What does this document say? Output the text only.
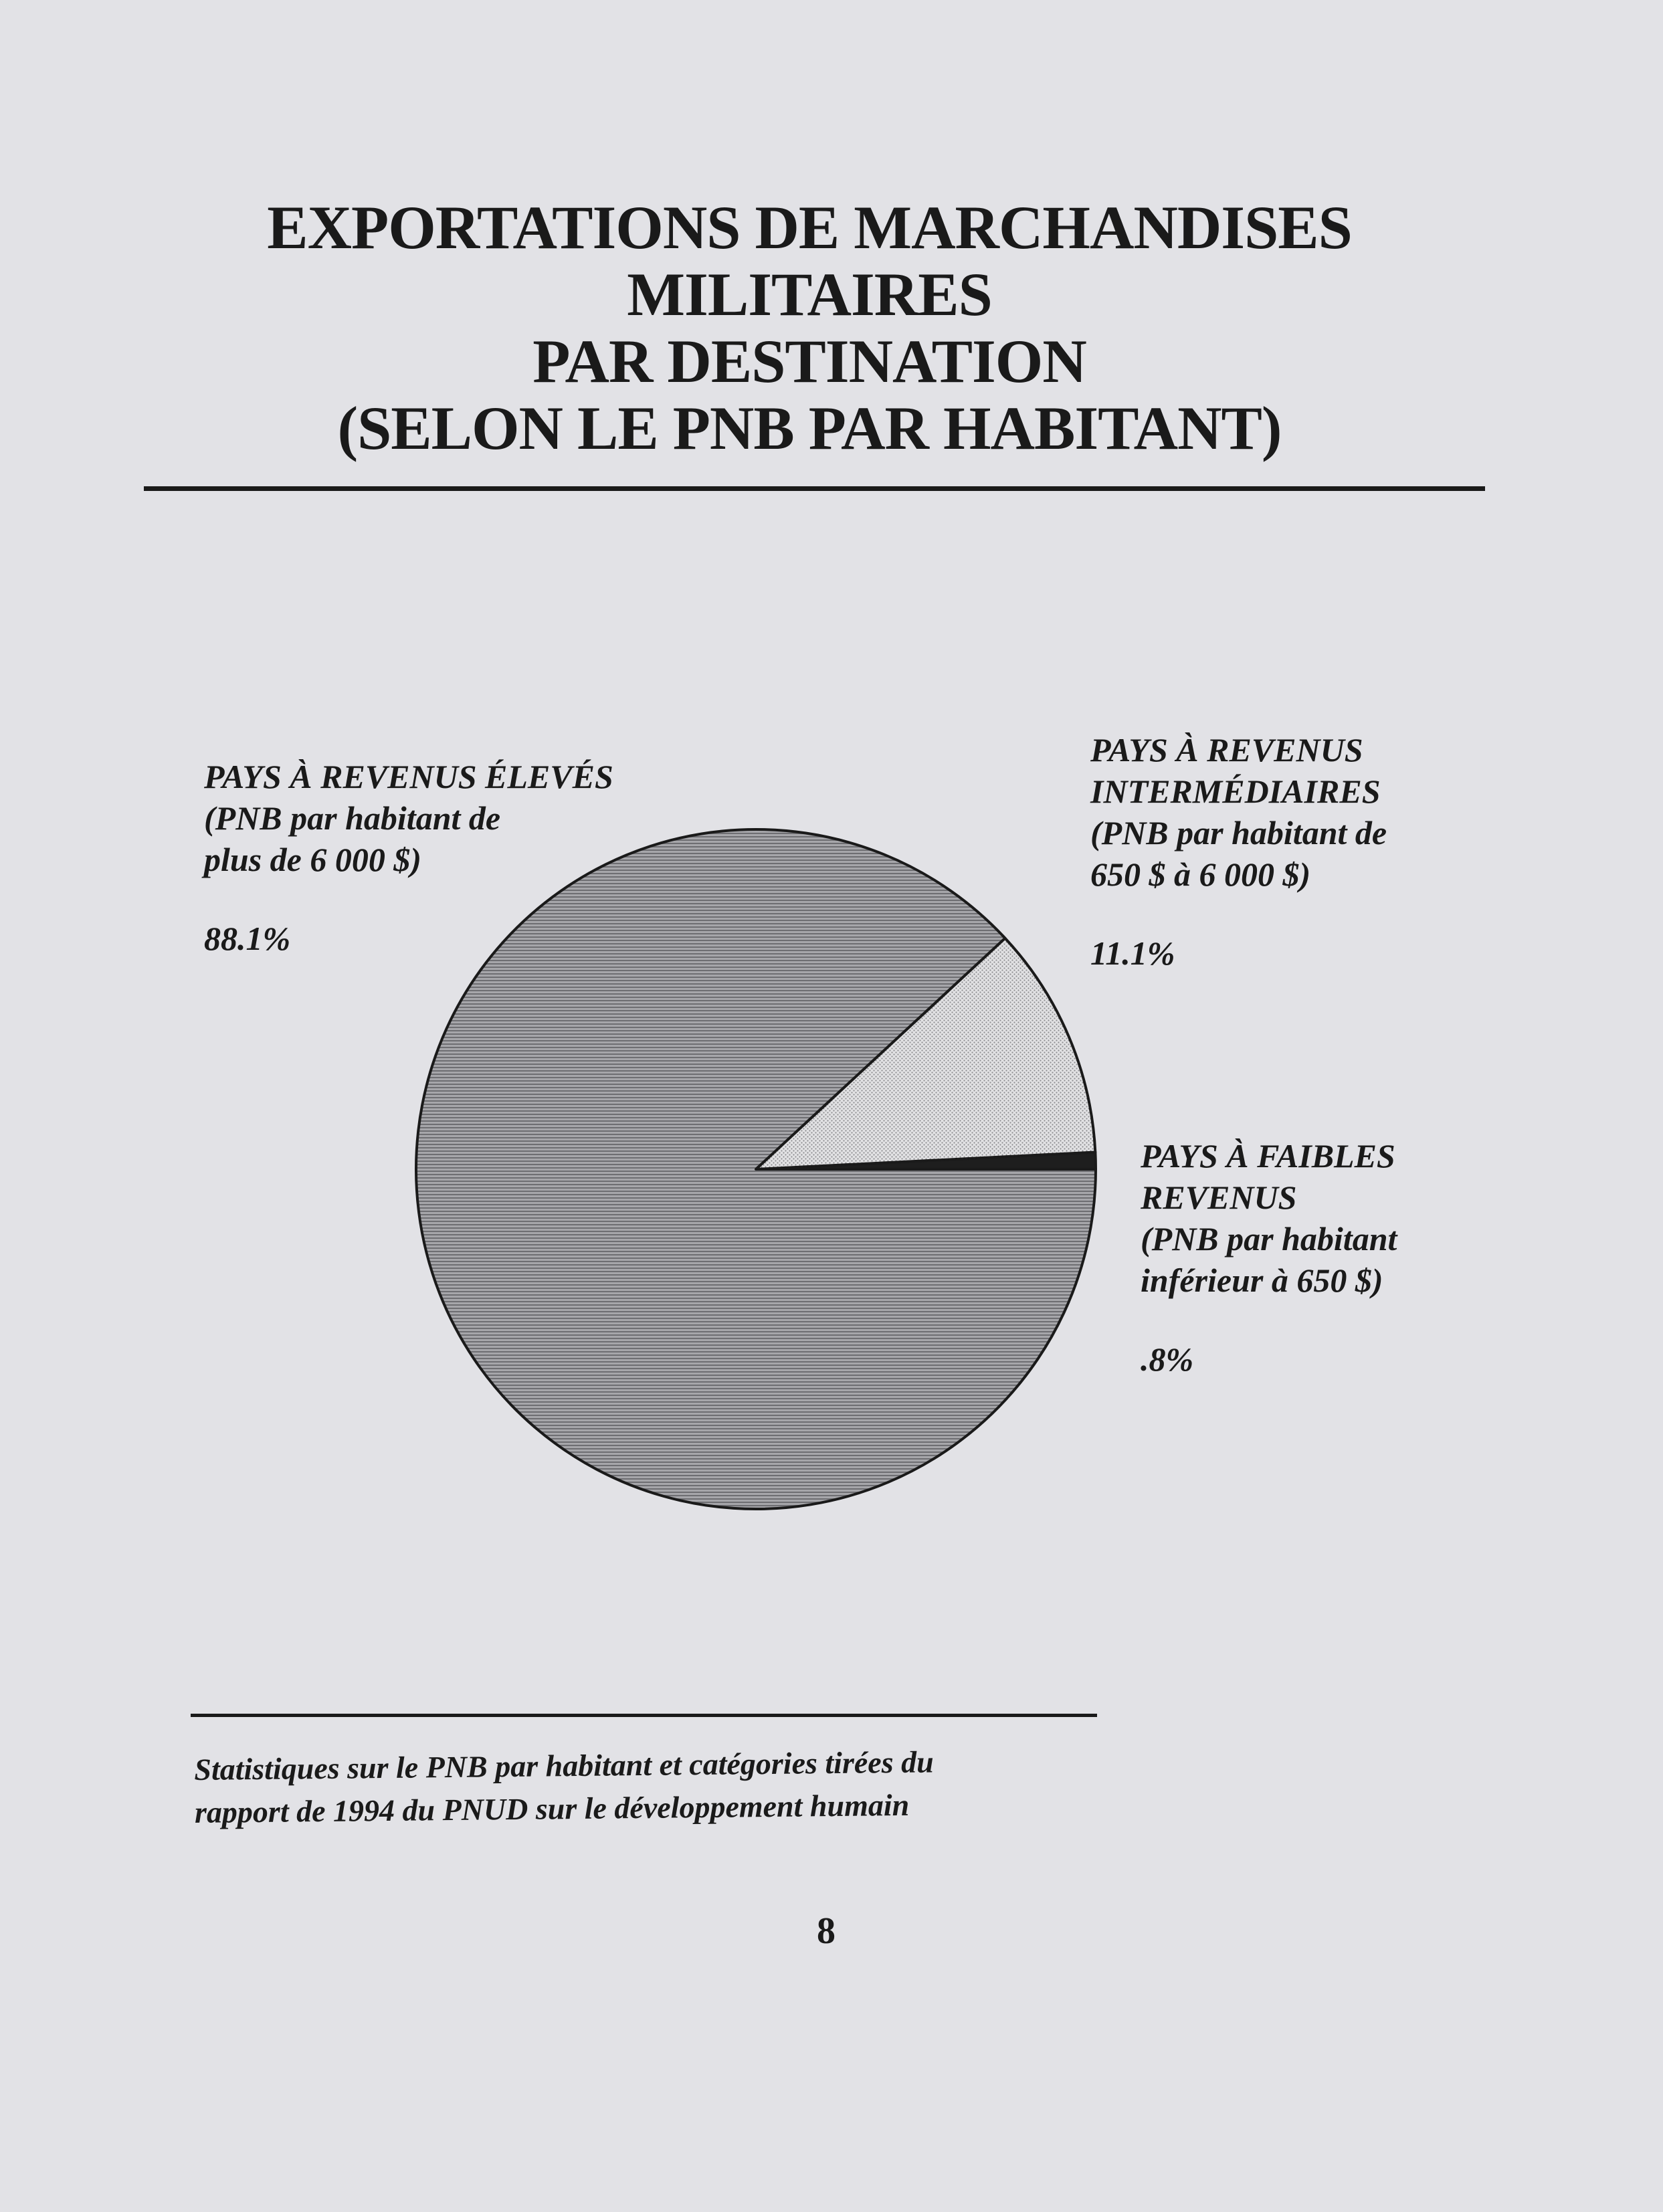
EXPORTATIONS DE MARCHANDISES
MILITAIRES
PAR DESTINATION
(SELON LE PNB PAR HABITANT)
PAYS À REVENUS ÉLEVÉS
(PNB par habitant de
plus de 6 000 $)
88.1%
PAYS À REVENUS
INTERMÉDIAIRES
(PNB par habitant de
650 $ à 6 000 $)
11.1%
PAYS À FAIBLES
REVENUS
(PNB par habitant
inférieur à 650 $)
.8%
Statistiques sur le PNB par habitant et catégories tirées du
rapport de 1994 du PNUD sur le développement humain
8
